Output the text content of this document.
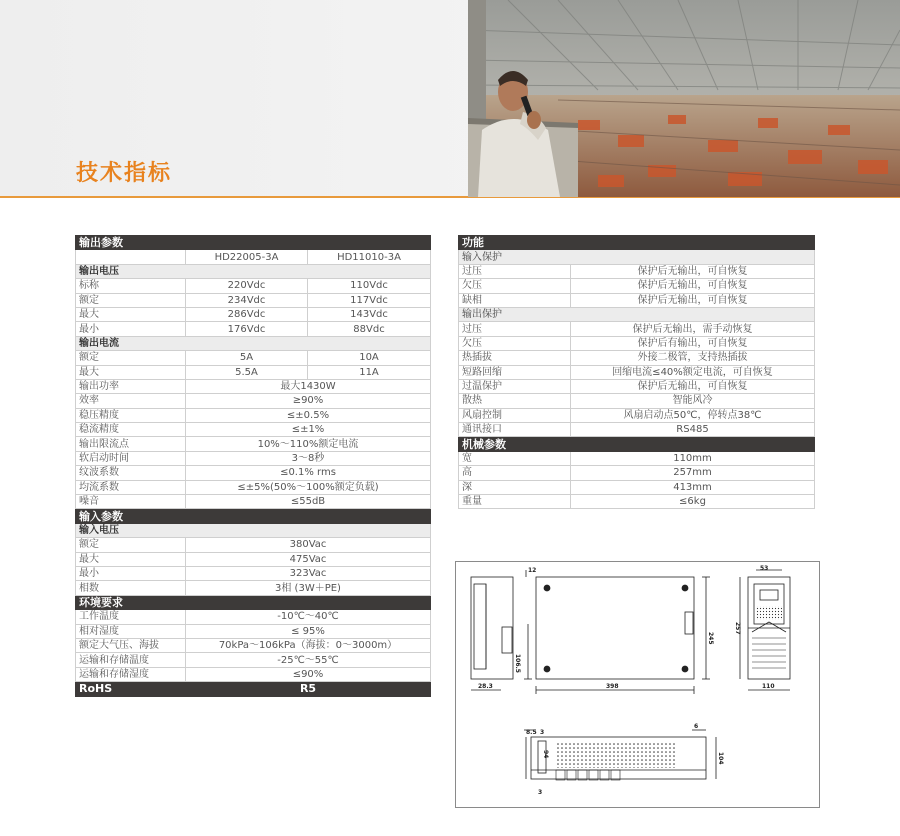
技术指标
输出参数		
	HD22005-3A	HD11010-3A
输出电压		
标称	220Vdc	110Vdc
额定	234Vdc	117Vdc
最大	286Vdc	143Vdc
最小	176Vdc	88Vdc
输出电流		
额定	5A	10A
最大	5.5A	11A
输出功率	最大1430W	
效率	≥90%	
稳压精度	≤±0.5%	
稳流精度	≤±1%	
输出限流点	10%～110%额定电流	
软启动时间	3～8秒	
纹波系数	≤0.1% rms	
均流系数	≤±5%(50%～100%额定负载)	
噪音	≤55dB	
输入参数		
输入电压		
额定	380Vac	
最大	475Vac	
最小	323Vac	
相数	3相 (3W＋PE)	
环境要求		
工作温度	-10℃～40℃	
相对湿度	≤ 95%	
额定大气压、海拔	70kPa～106kPa（海拔：0～3000m）	
运输和存储温度	-25℃～55℃	
运输和存储湿度	≤90%	
RoHS	R5	
功能	
输入保护	
过压	保护后无输出，可自恢复
欠压	保护后无输出，可自恢复
缺相	保护后无输出，可自恢复
输出保护	
过压	保护后无输出，需手动恢复
欠压	保护后有输出，可自恢复
热插拔	外接二极管，支持热插拔
短路回缩	回缩电流≤40%额定电流，可自恢复
过温保护	保护后无输出，可自恢复
散热	智能风冷
风扇控制	风扇启动点50℃，停转点38℃
通讯接口	RS485
机械参数	
宽	110mm
高	257mm
深	413mm
重量	≤6kg
12
245
106.5
28.3	398
53
257
110
8.5 3
6
94	104
3
